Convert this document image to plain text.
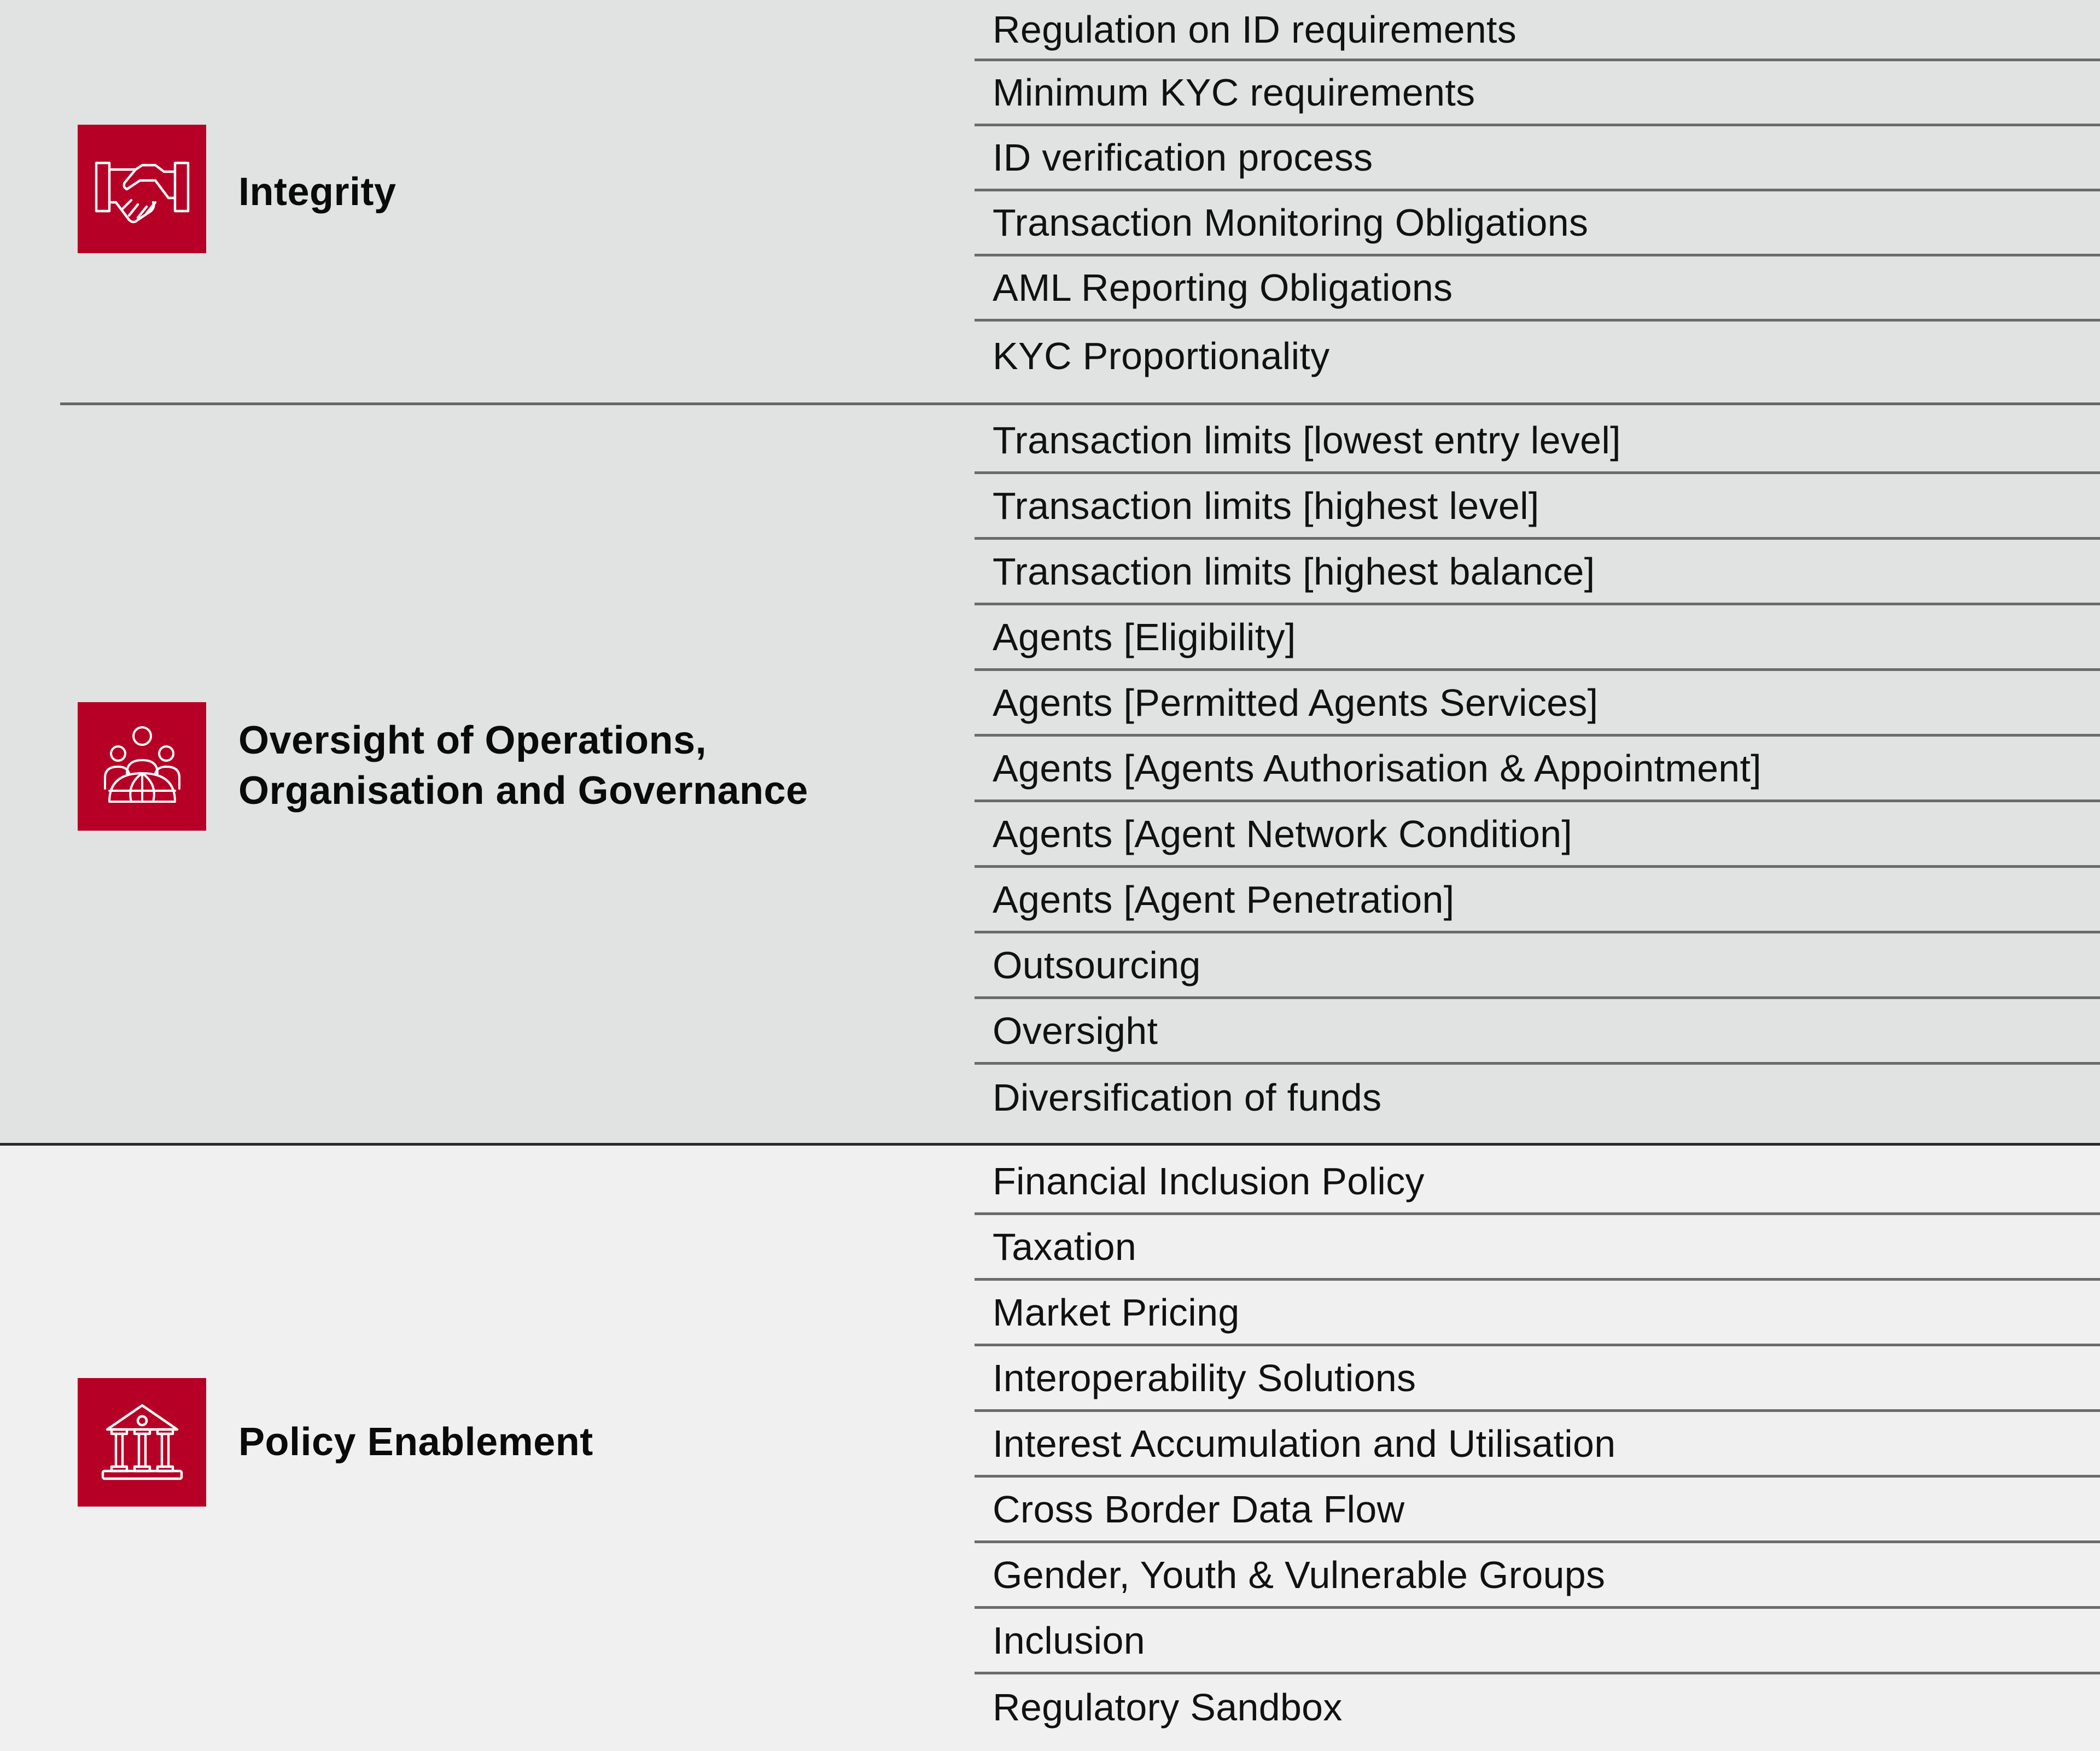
Integrity
Regulation on ID requirements
Minimum KYC requirements
ID verification process
Transaction Monitoring Obligations
AML Reporting Obligations
KYC Proportionality
Oversight of Operations,
Organisation and Governance
Transaction limits [lowest entry level]
Transaction limits [highest level]
Transaction limits [highest balance]
Agents [Eligibility]
Agents [Permitted Agents Services]
Agents [Agents Authorisation & Appointment]
Agents [Agent Network Condition]
Agents [Agent Penetration]
Outsourcing
Oversight
Diversification of funds
Policy Enablement
Financial Inclusion Policy
Taxation
Market Pricing
Interoperability Solutions
Interest Accumulation and Utilisation
Cross Border Data Flow
Gender, Youth & Vulnerable Groups
Inclusion
Regulatory Sandbox
